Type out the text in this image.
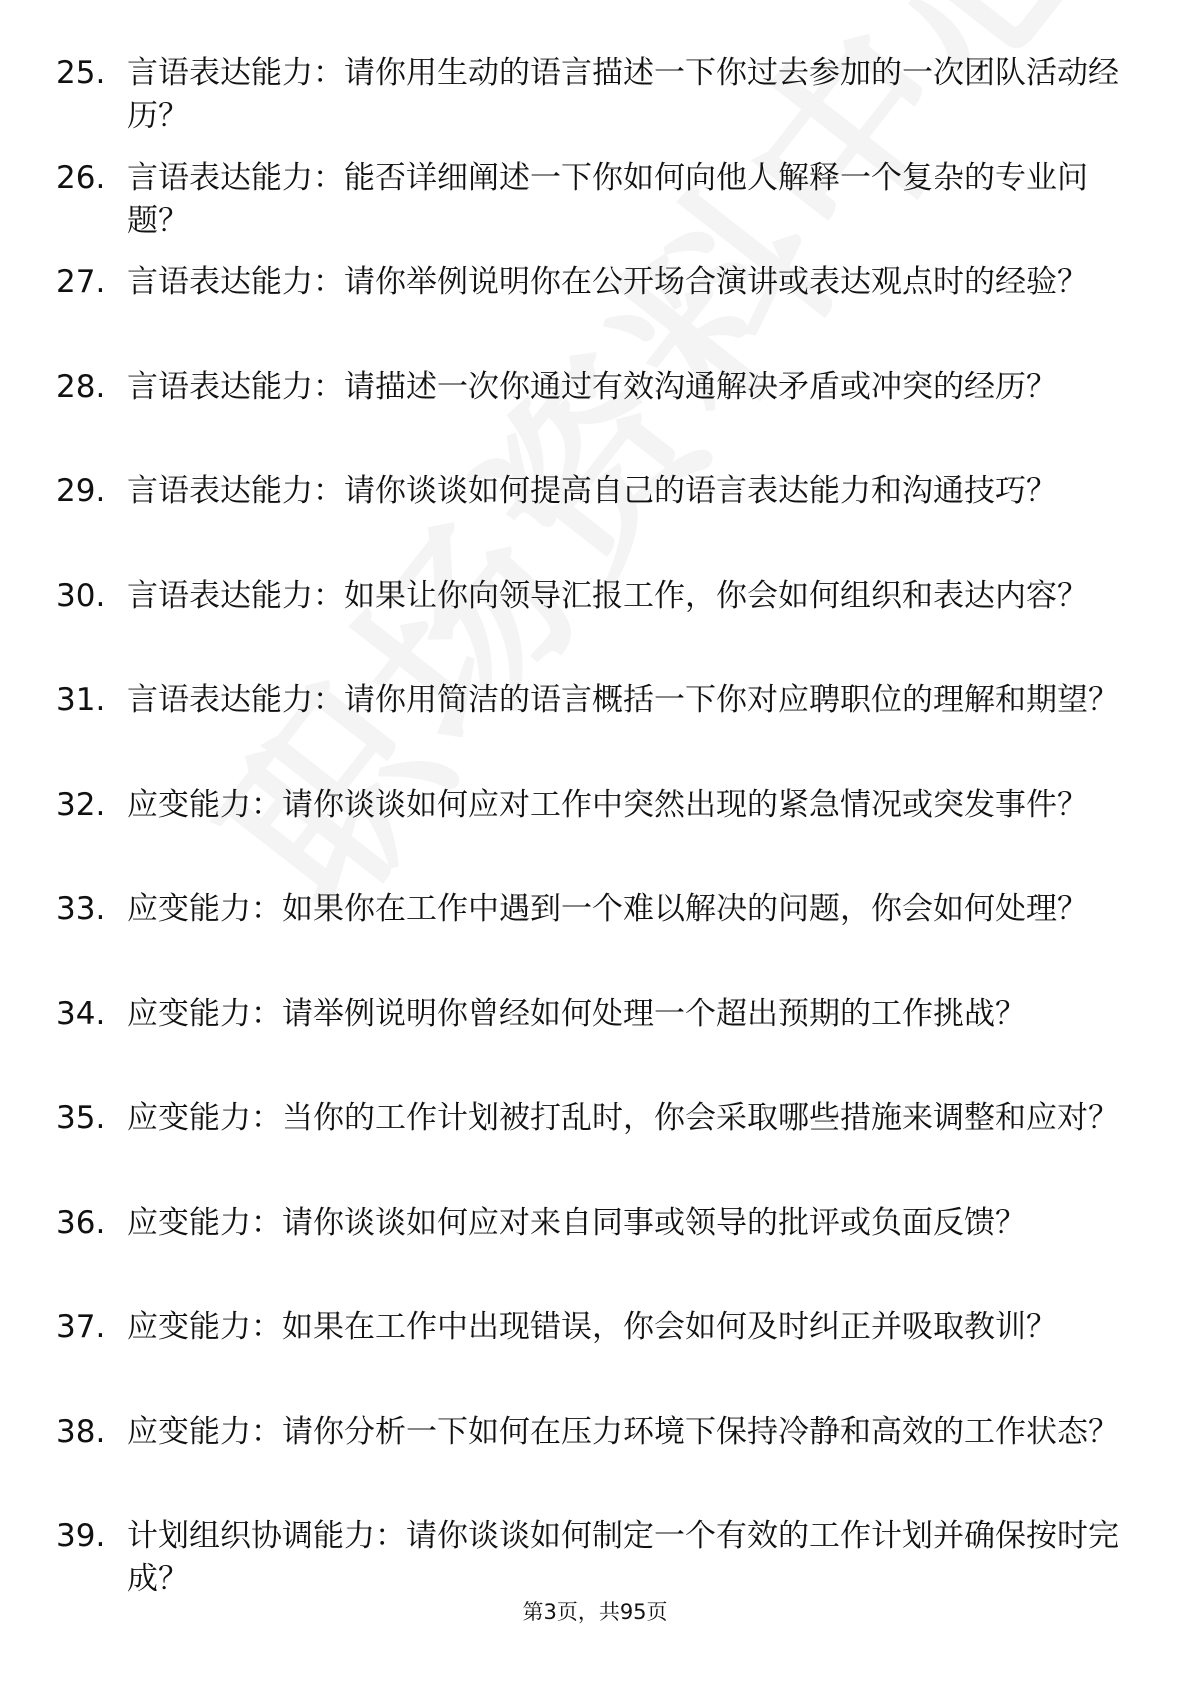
25. 言语表达能力：请你用生动的语言描述一下你过去参加的一次团队活动经历？

26. 言语表达能力：能否详细阐述一下你如何向他人解释一个复杂的专业问题？

27. 言语表达能力：请你举例说明你在公开场合演讲或表达观点时的经验？

28. 言语表达能力：请描述一次你通过有效沟通解决矛盾或冲突的经历？

29. 言语表达能力：请你谈谈如何提高自己的语言表达能力和沟通技巧？

30. 言语表达能力：如果让你向领导汇报工作，你会如何组织和表达内容？

31. 言语表达能力：请你用简洁的语言概括一下你对应聘职位的理解和期望？

32. 应变能力：请你谈谈如何应对工作中突然出现的紧急情况或突发事件？

33. 应变能力：如果你在工作中遇到一个难以解决的问题，你会如何处理？

34. 应变能力：请举例说明你曾经如何处理一个超出预期的工作挑战？

35. 应变能力：当你的工作计划被打乱时，你会采取哪些措施来调整和应对？

36. 应变能力：请你谈谈如何应对来自同事或领导的批评或负面反馈？

37. 应变能力：如果在工作中出现错误，你会如何及时纠正并吸取教训？

38. 应变能力：请你分析一下如何在压力环境下保持冷静和高效的工作状态？

39. 计划组织协调能力：请你谈谈如何制定一个有效的工作计划并确保按时完成？

第3页，共95页
